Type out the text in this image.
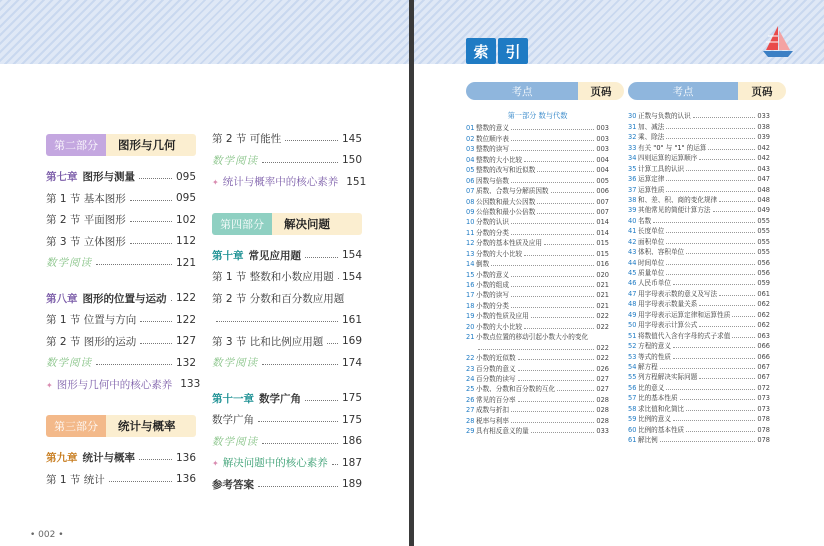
第二部分	图形与几何
第七章 图形与测量	095
第 1 节 基本图形	095
第 2 节 平面图形	102
第 3 节 立体图形	112
数学阅读	121
第八章 图形的位置与运动 122
第 1 节 位置与方向	122
第 2 节 图形的运动	127
数学阅读	132
✦ 图形与几何中的核心素养 133
第三部分	统计与概率
第九章 统计与概率	136
第 1 节 统计	136
第 2 节 可能性	145
数学阅读	150
✦ 统计与概率中的核心素养 151
第四部分	解决问题
第十章 常见应用题	154
第 1 节 整数和小数应用题 154
第 2 节 分数和百分数应用题
161
第 3 节 比和比例应用题 169
数学阅读	174
第十一章 数学广角	175
数学广角	175
数学阅读	186
✦ 解决问题中的核心素养 187
参考答案	189
• 002 •
索	引
考点	页码	考点	页码
第一部分 数与代数
01 整数的意义	003
02 数位顺序表	003
03 整数的读写	003
04 整数的大小比较	004
05 整数的改写和近似数	004
06 因数与倍数	005
07 质数、合数与分解质因数	006
08 公因数和最大公因数	007
09 公倍数和最小公倍数	007
10 分数的认识	014
11 分数的分类	014
12 分数的基本性质及应用	015
13 分数的大小比较	015
14 倒数	016
15 小数的意义	020
16 小数的组成	021
17 小数的读写	021
18 小数的分类	021
19 小数的性质及应用	022
20 小数的大小比较	022
21 小数点位置的移动引起小数大小的变化
022
22 小数的近似数	022
23 百分数的意义	026
24 百分数的读写	027
25 小数、分数和百分数的互化	027
26 常见的百分率	028
27 成数与折扣	028
28 税率与利率	028
29 具有相反意义的量	033
30 正数与负数的认识	033
31 加、减法	038
32 乘、除法	039
33 有关 "0" 与 "1" 的运算	042
34 四则运算的运算顺序	042
35 计算工具的认识	043
36 运算定律	047
37 运算性质	048
38 和、差、积、商的变化规律	048
39 其他常见的简便计算方法	049
40 名数	055
41 长度单位	055
42 面积单位	055
43 体积、容积单位	055
44 时间单位	056
45 质量单位	056
46 人民币单位	059
47 用字母表示数的意义及写法	061
48 用字母表示数量关系	062
49 用字母表示运算定律和运算性质	062
50 用字母表示计算公式	062
51 将数值代入含有字母的式子求值	063
52 方程的意义	066
53 等式的性质	066
54 解方程	067
55 列方程解决实际问题	067
56 比的意义	072
57 比的基本性质	073
58 求比值和化简比	073
59 比例的意义	078
60 比例的基本性质	078
61 解比例	078
